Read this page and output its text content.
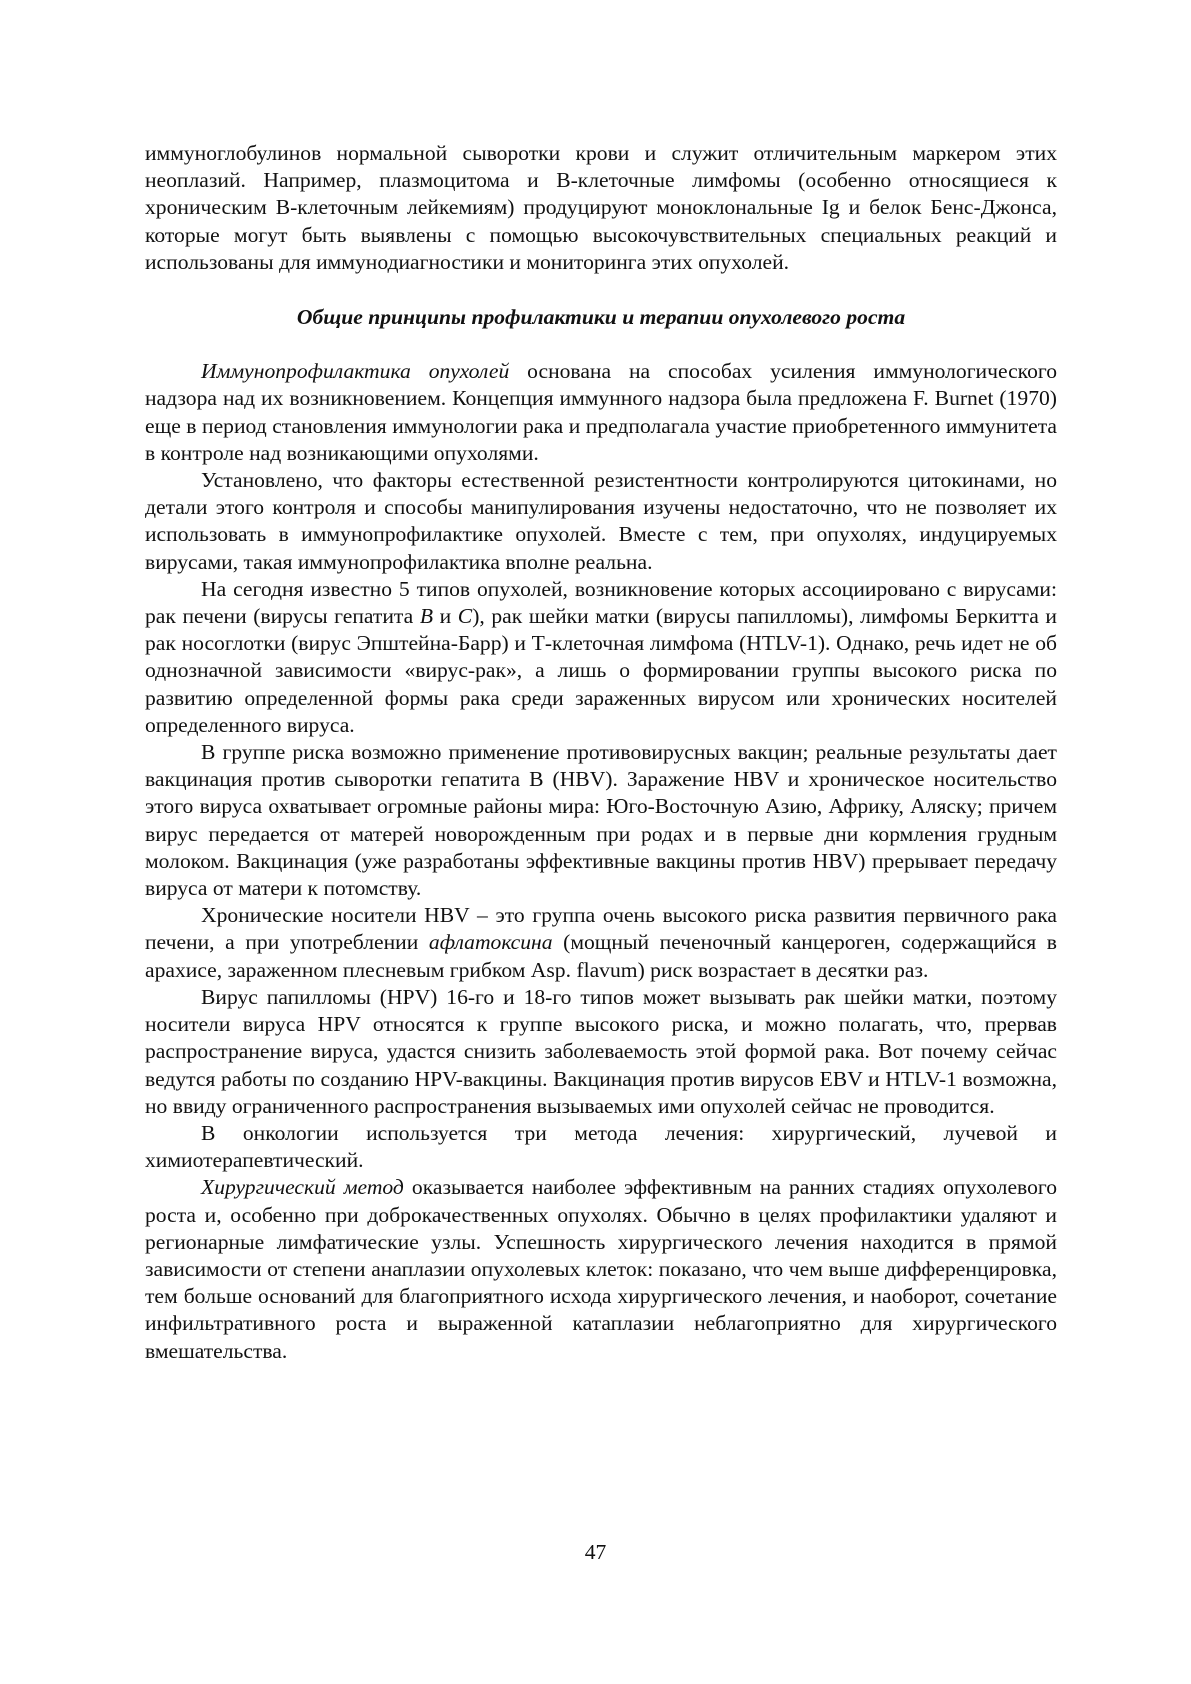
иммуноглобулинов нормальной сыворотки крови и служит отличительным маркером этих неоплазий. Например, плазмоцитома и В-клеточные лимфомы (особенно относящиеся к хроническим В-клеточным лейкемиям) продуцируют моноклональные Ig и белок Бенс-Джонса, которые могут быть выявлены с помощью высокочувствительных специальных реакций и использованы для иммунодиагностики и мониторинга этих опухолей.

Общие принципы профилактики и терапии опухолевого роста

Иммунопрофилактика опухолей основана на способах усиления иммунологического надзора над их возникновением. Концепция иммунного надзора была предложена F. Burnet (1970) еще в период становления иммунологии рака и предполагала участие приобретенного иммунитета в контроле над возникающими опухолями.

Установлено, что факторы естественной резистентности контролируются цитокинами, но детали этого контроля и способы манипулирования изучены недостаточно, что не позволяет их использовать в иммунопрофилактике опухолей. Вместе с тем, при опухолях, индуцируемых вирусами, такая иммунопрофилактика вполне реальна.

На сегодня известно 5 типов опухолей, возникновение которых ассоциировано с вирусами: рак печени (вирусы гепатита B и C), рак шейки матки (вирусы папилломы), лимфомы Беркитта и рак носоглотки (вирус Эпштейна-Барр) и Т-клеточная лимфома (HTLV-1). Однако, речь идет не об однозначной зависимости «вирус-рак», а лишь о формировании группы высокого риска по развитию определенной формы рака среди зараженных вирусом или хронических носителей определенного вируса.

В группе риска возможно применение противовирусных вакцин; реальные результаты дает вакцинация против сыворотки гепатита В (HBV). Заражение HBV и хроническое носительство этого вируса охватывает огромные районы мира: Юго-Восточную Азию, Африку, Аляску; причем вирус передается от матерей новорожденным при родах и в первые дни кормления грудным молоком. Вакцинация (уже разработаны эффективные вакцины против HBV) прерывает передачу вируса от матери к потомству.

Хронические носители HBV – это группа очень высокого риска развития первичного рака печени, а при употреблении афлатоксина (мощный печеночный канцероген, содержащийся в арахисе, зараженном плесневым грибком Asp. flavum) риск возрастает в десятки раз.

Вирус папилломы (HPV) 16-го и 18-го типов может вызывать рак шейки матки, поэтому носители вируса HPV относятся к группе высокого риска, и можно полагать, что, прервав распространение вируса, удастся снизить заболеваемость этой формой рака. Вот почему сейчас ведутся работы по созданию HPV-вакцины. Вакцинация против вирусов EBV и HTLV-1 возможна, но ввиду ограниченного распространения вызываемых ими опухолей сейчас не проводится.

В онкологии используется три метода лечения: хирургический, лучевой и химиотерапевтический.

Хирургический метод оказывается наиболее эффективным на ранних стадиях опухолевого роста и, особенно при доброкачественных опухолях. Обычно в целях профилактики удаляют и регионарные лимфатические узлы. Успешность хирургического лечения находится в прямой зависимости от степени анаплазии опухолевых клеток: показано, что чем выше дифференцировка, тем больше оснований для благоприятного исхода хирургического лечения, и наоборот, сочетание инфильтративного роста и выраженной катаплазии неблагоприятно для хирургического вмешательства.

47
